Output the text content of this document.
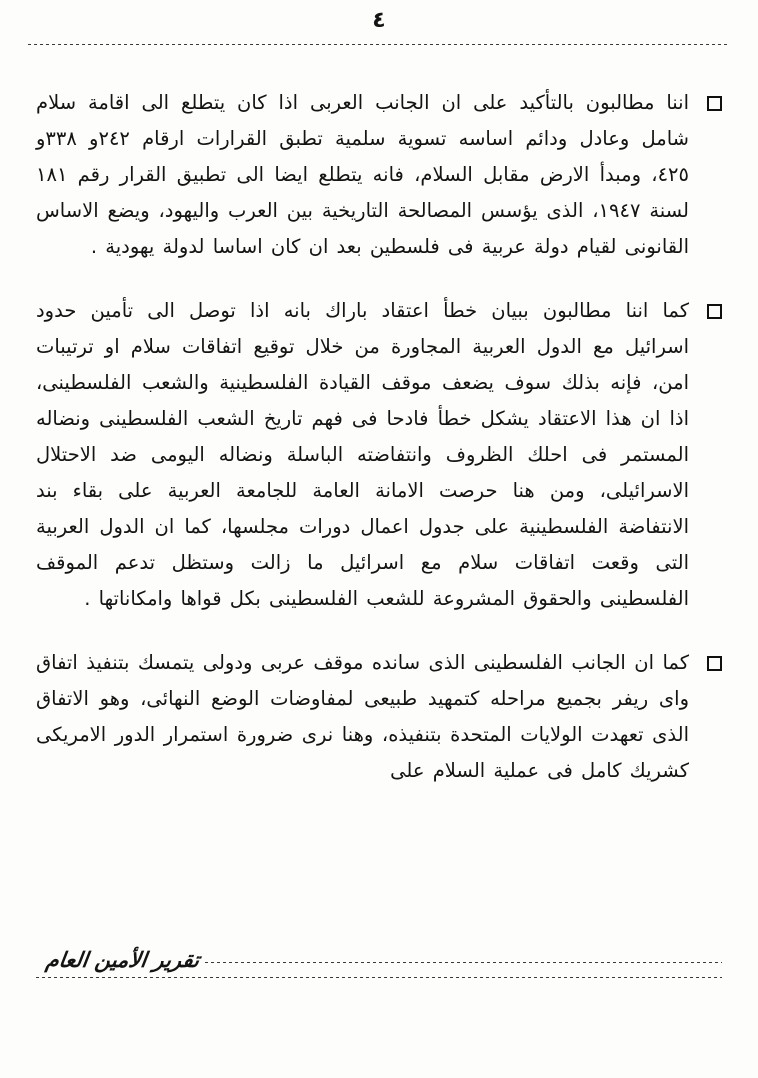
٤

اننا مطالبون بالتأكيد على ان الجانب العربى اذا كان يتطلع الى اقامة سلام شامل وعادل ودائم اساسه تسوية سلمية تطبق القرارات ارقام ٢٤٢و ٣٣٨و ٤٢٥، ومبدأ الارض مقابل السلام، فانه يتطلع ايضا الى تطبيق القرار رقم ١٨١ لسنة ١٩٤٧، الذى يؤسس المصالحة التاريخية بين العرب واليهود، ويضع الاساس القانونى لقيام دولة عربية فى فلسطين بعد ان كان اساسا لدولة يهودية .

كما اننا مطالبون ببيان خطأ اعتقاد باراك بانه اذا توصل الى تأمين حدود اسرائيل مع الدول العربية المجاورة من خلال توقيع اتفاقات سلام او ترتيبات امن، فإنه بذلك سوف يضعف موقف القيادة الفلسطينية والشعب الفلسطينى، اذا ان هذا الاعتقاد يشكل خطأ فادحا فى فهم تاريخ الشعب الفلسطينى ونضاله المستمر فى احلك الظروف وانتفاضته الباسلة ونضاله اليومى ضد الاحتلال الاسرائيلى، ومن هنا حرصت الامانة العامة للجامعة العربية على بقاء بند الانتفاضة الفلسطينية على جدول اعمال دورات مجلسها، كما ان الدول العربية التى وقعت اتفاقات سلام مع اسرائيل ما زالت وستظل تدعم الموقف الفلسطينى والحقوق المشروعة للشعب الفلسطينى بكل قواها وامكاناتها .

كما ان الجانب الفلسطينى الذى سانده موقف عربى ودولى يتمسك بتنفيذ اتفاق واى ريفر بجميع مراحله كتمهيد طبيعى لمفاوضات الوضع النهائى، وهو الاتفاق الذى تعهدت الولايات المتحدة بتنفيذه، وهنا نرى ضرورة استمرار الدور الامريكى كشريك كامل فى عملية السلام على

تقرير الأمين العام
